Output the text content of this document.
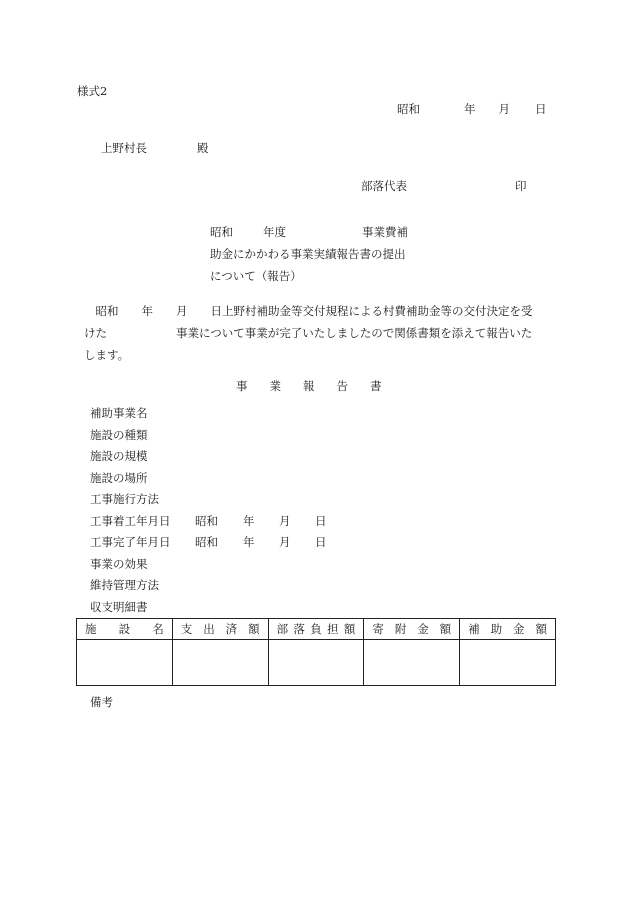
様式2
昭和	年 月 日
上野村長	殿
部落代表	印
昭和	年度	事業費補
助金にかかわる事業実績報告書の提出
について（報告）
　昭和　　年　　月　　日上野村補助金等交付規程による村費補助金等の交付決定を受
けた　　　　　　事業について事業が完了いたしましたので関係書類を添えて報告いた
します。
事 業 報 告 書
補助事業名
施設の種類
施設の規模
施設の場所
工事施行方法
工事着工年月日 昭和 年 月 日
工事完了年月日 昭和 年 月 日
事業の効果
維持管理方法
収支明細書
施設名	支出済額	部落負担額	寄附金額	補助金額

備考
